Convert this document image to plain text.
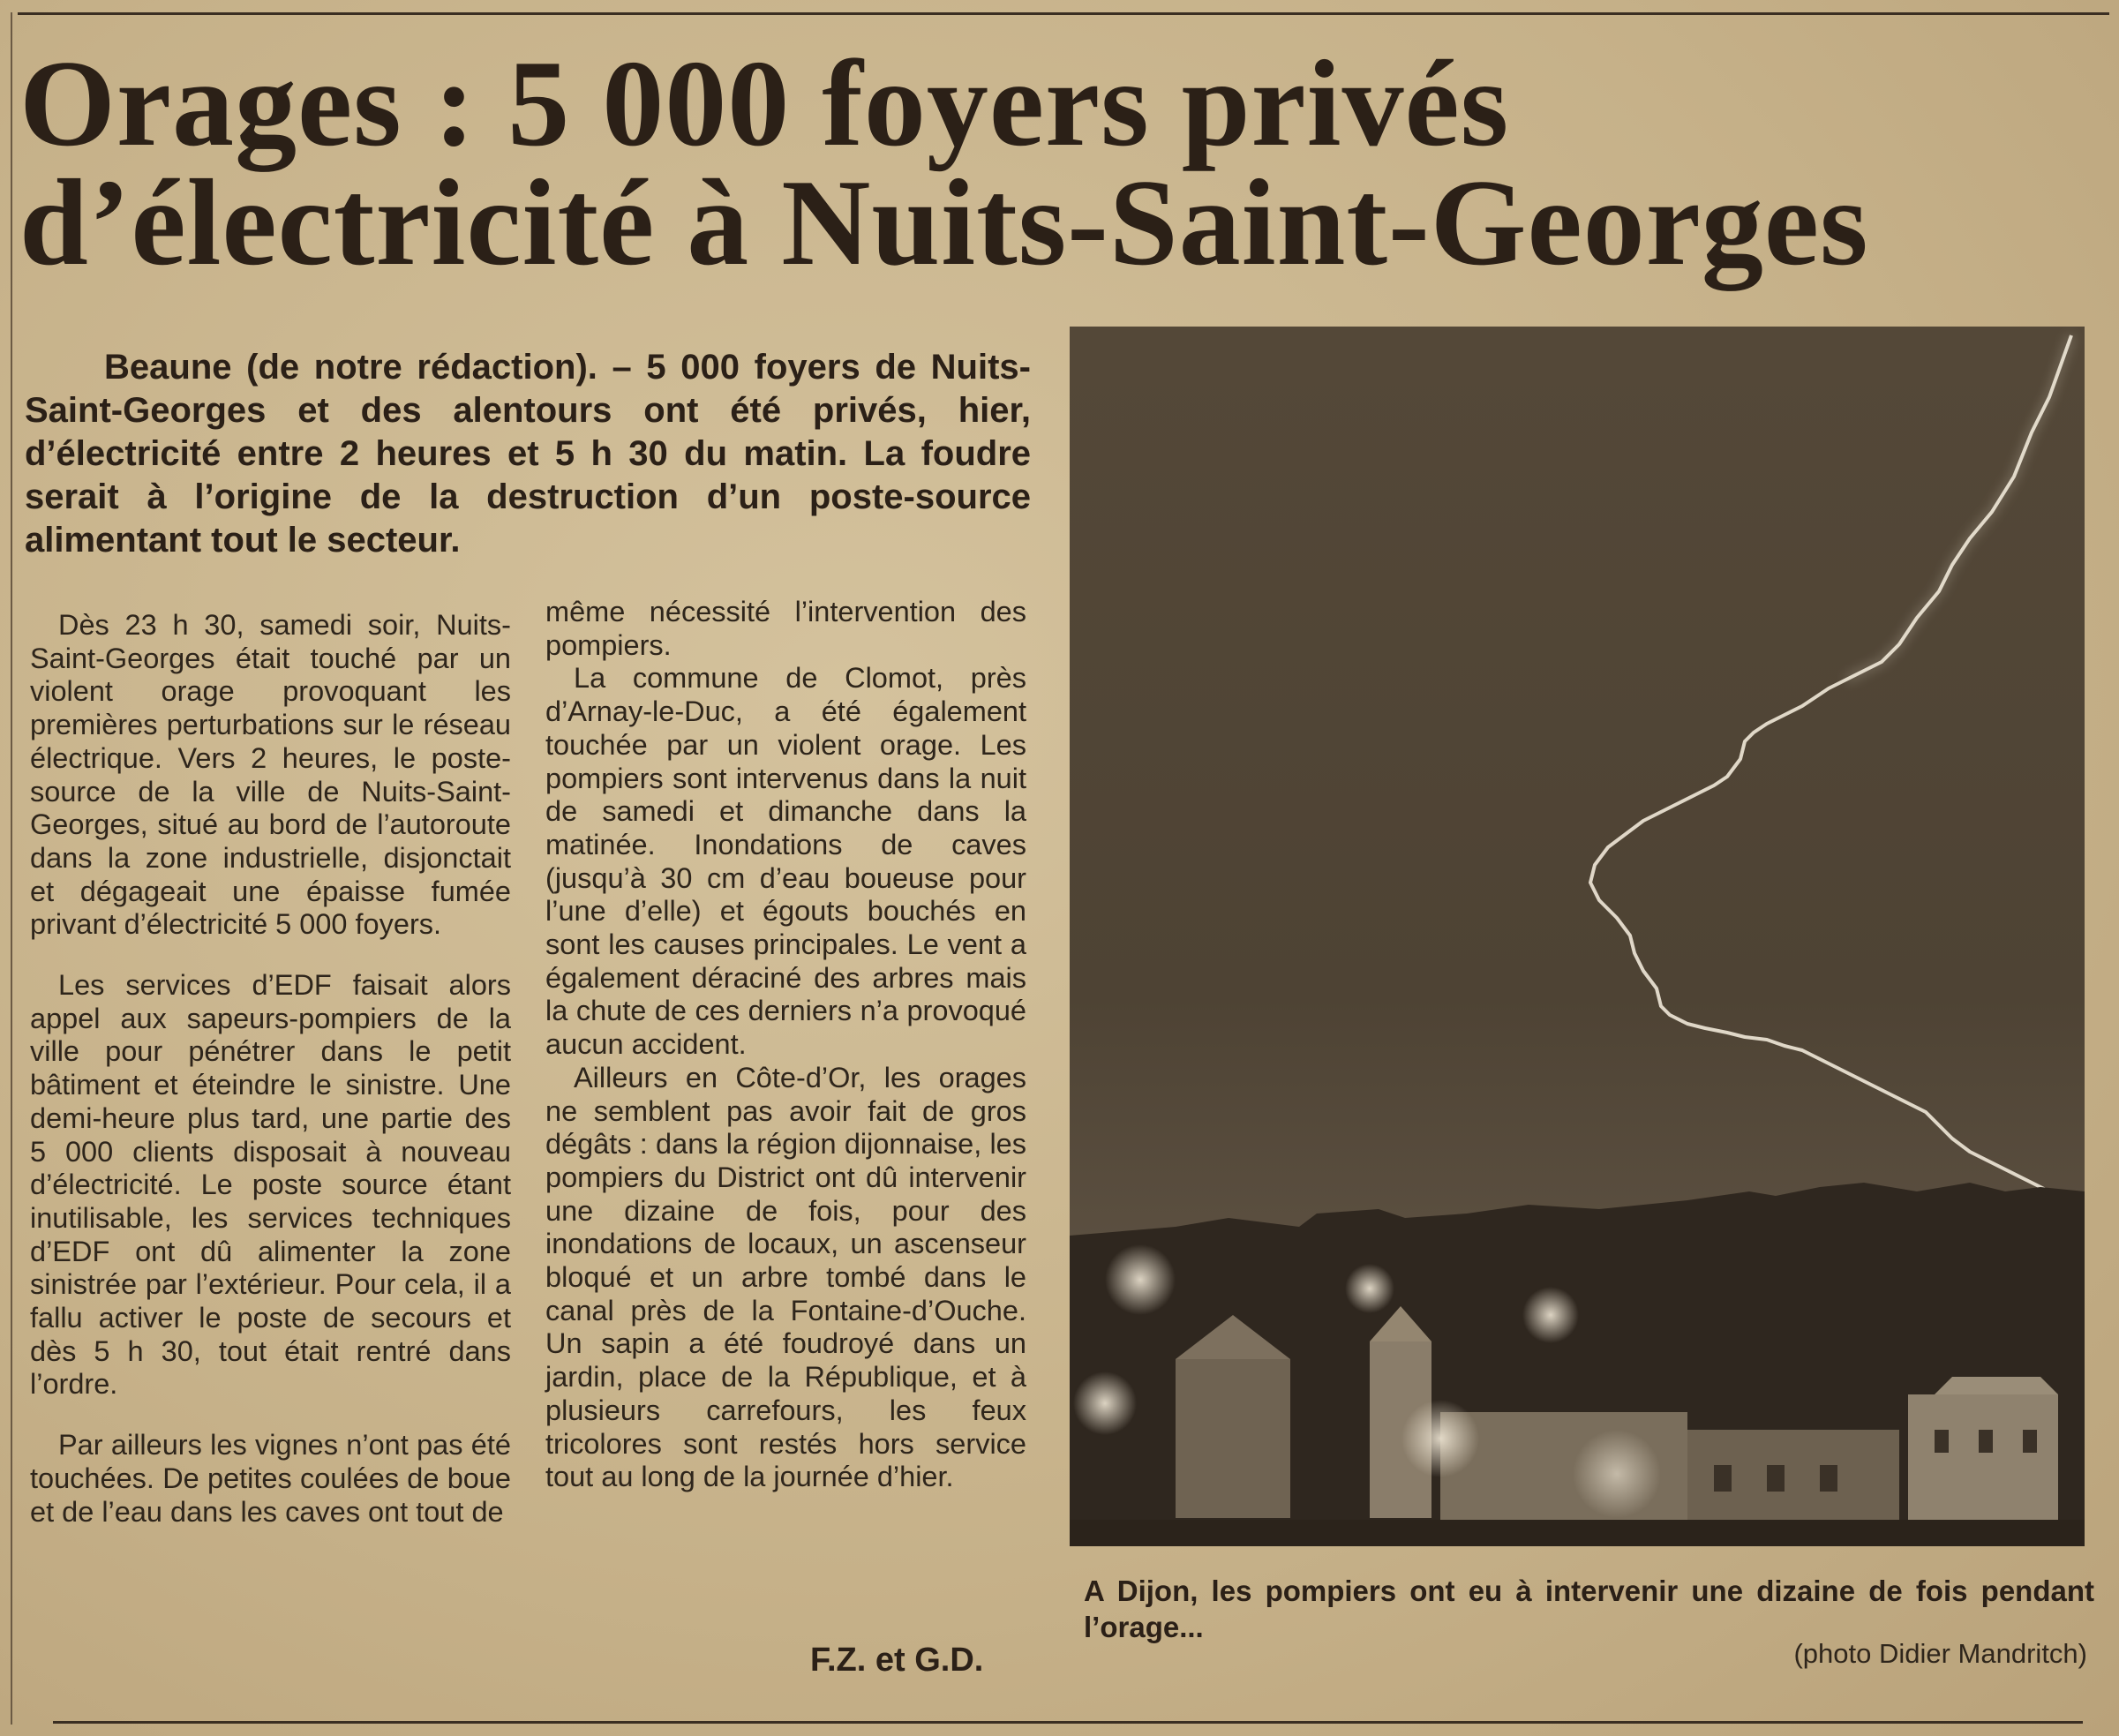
Orages : 5 000 foyers privés
d’électricité à Nuits-Saint-Georges
Beaune (de notre rédaction). – 5 000 foyers de Nuits-Saint-Georges et des alentours ont été privés, hier, d’électricité entre 2 heures et 5 h 30 du matin. La foudre serait à l’origine de la destruction d’un poste-source alimentant tout le secteur.

Dès 23 h 30, samedi soir, Nuits-Saint-Georges était touché par un violent orage provoquant les premières perturbations sur le réseau électrique. Vers 2 heures, le poste-source de la ville de Nuits-Saint-Georges, situé au bord de l’autoroute dans la zone industrielle, disjonctait et dégageait une épaisse fumée privant d’électricité 5 000 foyers.

Les services d’EDF faisait alors appel aux sapeurs-pompiers de la ville pour pénétrer dans le petit bâtiment et éteindre le sinistre. Une demi-heure plus tard, une partie des 5 000 clients disposait à nouveau d’électricité. Le poste source étant inutilisable, les services techniques d’EDF ont dû alimenter la zone sinistrée par l’extérieur. Pour cela, il a fallu activer le poste de secours et dès 5 h 30, tout était rentré dans l’ordre.

Par ailleurs les vignes n’ont pas été touchées. De petites coulées de boue et de l’eau dans les caves ont tout de

même nécessité l’intervention des pompiers.

La commune de Clomot, près d’Arnay-le-Duc, a été également touchée par un violent orage. Les pompiers sont intervenus dans la nuit de samedi et dimanche dans la matinée. Inondations de caves (jusqu’à 30 cm d’eau boueuse pour l’une d’elle) et égouts bouchés en sont les causes principales. Le vent a également déraciné des arbres mais la chute de ces derniers n’a provoqué aucun accident.

Ailleurs en Côte-d’Or, les orages ne semblent pas avoir fait de gros dégâts : dans la région dijonnaise, les pompiers du District ont dû intervenir une dizaine de fois, pour des inondations de locaux, un ascenseur bloqué et un arbre tombé dans le canal près de la Fontaine-d’Ouche. Un sapin a été foudroyé dans un jardin, place de la République, et à plusieurs carrefours, les feux tricolores sont restés hors service tout au long de la journée d’hier.

F.Z. et G.D.
A Dijon, les pompiers ont eu à intervenir une dizaine de fois pendant l’orage...
(photo Didier Mandritch)
